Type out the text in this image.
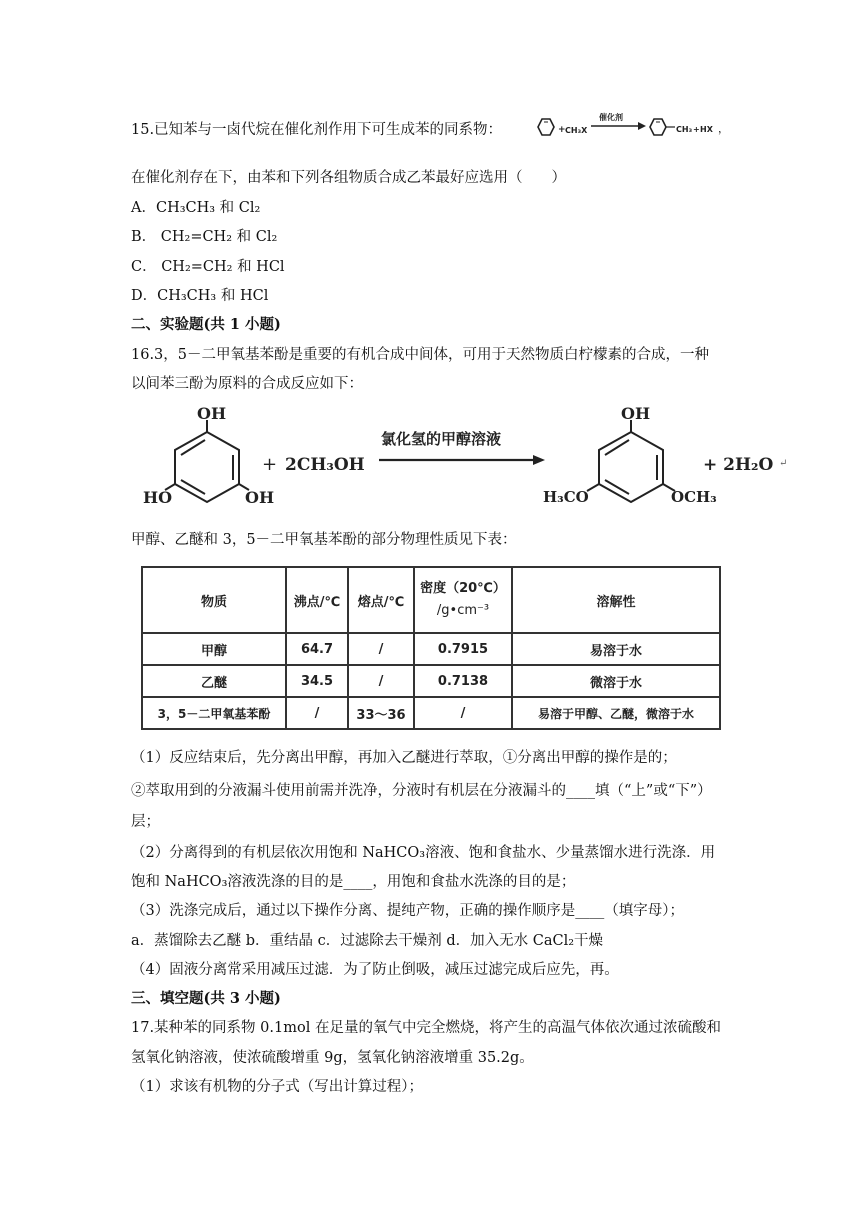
15.已知苯与一卤代烷在催化剂作用下可生成苯的同系物：	+ CH₃X
催化剂
CH₃ + HX ，
在催化剂存在下，由苯和下列各组物质合成乙苯最好应选用（　　）
A．CH₃CH₃ 和 Cl₂
B． CH₂=CH₂ 和 Cl₂
C． CH₂=CH₂ 和 HCl
D．CH₃CH₃ 和 HCl
二、实验题(共 1 小题)
16.3，5－二甲氧基苯酚是重要的有机合成中间体，可用于天然物质白柠檬素的合成，一种
以间苯三酚为原料的合成反应如下：
OH
HO	OH
+ 2CH₃OH
氯化氢的甲醇溶液
OH
H₃CO	OCH₃
+ 2H₂O ↵
甲醇、乙醚和 3，5－二甲氧基苯酚的部分物理性质见下表：
物质	沸点/℃	熔点/℃	密度（20℃）
/g•cm⁻³	溶解性
甲醇	64.7	/	0.7915	易溶于水
乙醚	34.5	/	0.7138	微溶于水
3，5－二甲氧基苯酚	/	33～36	/	易溶于甲醇、乙醚，微溶于水
（1）反应结束后，先分离出甲醇，再加入乙醚进行萃取，①分离出甲醇的操作是的；
②萃取用到的分液漏斗使用前需并洗净，分液时有机层在分液漏斗的____填（“上”或“下”）
层；
（2）分离得到的有机层依次用饱和 NaHCO₃溶液、饱和食盐水、少量蒸馏水进行洗涤．用
饱和 NaHCO₃溶液洗涤的目的是____，用饱和食盐水洗涤的目的是；
（3）洗涤完成后，通过以下操作分离、提纯产物，正确的操作顺序是____（填字母）；
a．蒸馏除去乙醚 b．重结晶 c．过滤除去干燥剂 d．加入无水 CaCl₂干燥
（4）固液分离常采用减压过滤．为了防止倒吸，减压过滤完成后应先，再。
三、填空题(共 3 小题)
17.某种苯的同系物 0.1mol 在足量的氧气中完全燃烧，将产生的高温气体依次通过浓硫酸和
氢氧化钠溶液，使浓硫酸增重 9g，氢氧化钠溶液增重 35.2g。
（1）求该有机物的分子式（写出计算过程）；
